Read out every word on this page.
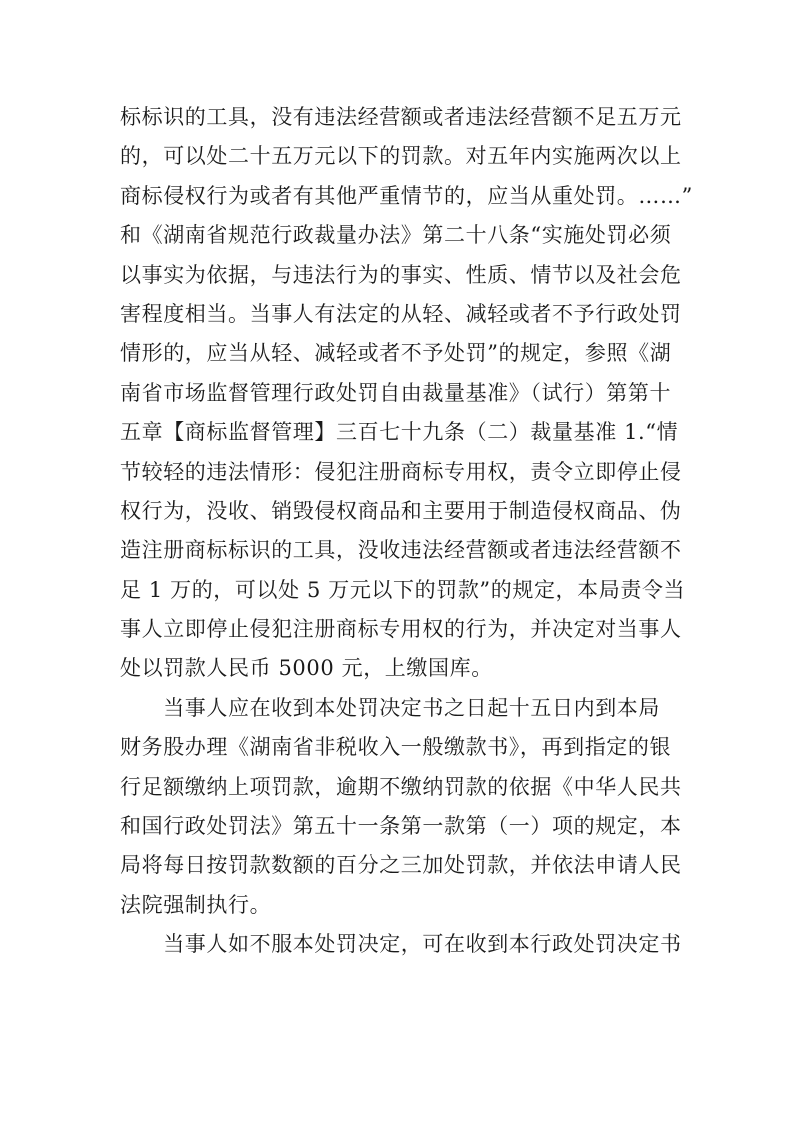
标标识的工具，没有违法经营额或者违法经营额不足五万元
的，可以处二十五万元以下的罚款。对五年内实施两次以上
商标侵权行为或者有其他严重情节的，应当从重处罚。……”
和《湖南省规范行政裁量办法》第二十八条“实施处罚必须
以事实为依据，与违法行为的事实、性质、情节以及社会危
害程度相当。当事人有法定的从轻、减轻或者不予行政处罚
情形的，应当从轻、减轻或者不予处罚”的规定，参照《湖
南省市场监督管理行政处罚自由裁量基准》（试行）第第十
五章【商标监督管理】三百七十九条（二）裁量基准 1.“情
节较轻的违法情形：侵犯注册商标专用权，责令立即停止侵
权行为，没收、销毁侵权商品和主要用于制造侵权商品、伪
造注册商标标识的工具，没收违法经营额或者违法经营额不
足 1 万的，可以处 5 万元以下的罚款”的规定，本局责令当
事人立即停止侵犯注册商标专用权的行为，并决定对当事人
处以罚款人民币 5000 元，上缴国库。
　　当事人应在收到本处罚决定书之日起十五日内到本局
财务股办理《湖南省非税收入一般缴款书》，再到指定的银
行足额缴纳上项罚款，逾期不缴纳罚款的依据《中华人民共
和国行政处罚法》第五十一条第一款第（一）项的规定，本
局将每日按罚款数额的百分之三加处罚款，并依法申请人民
法院强制执行。
　　当事人如不服本处罚决定，可在收到本行政处罚决定书
